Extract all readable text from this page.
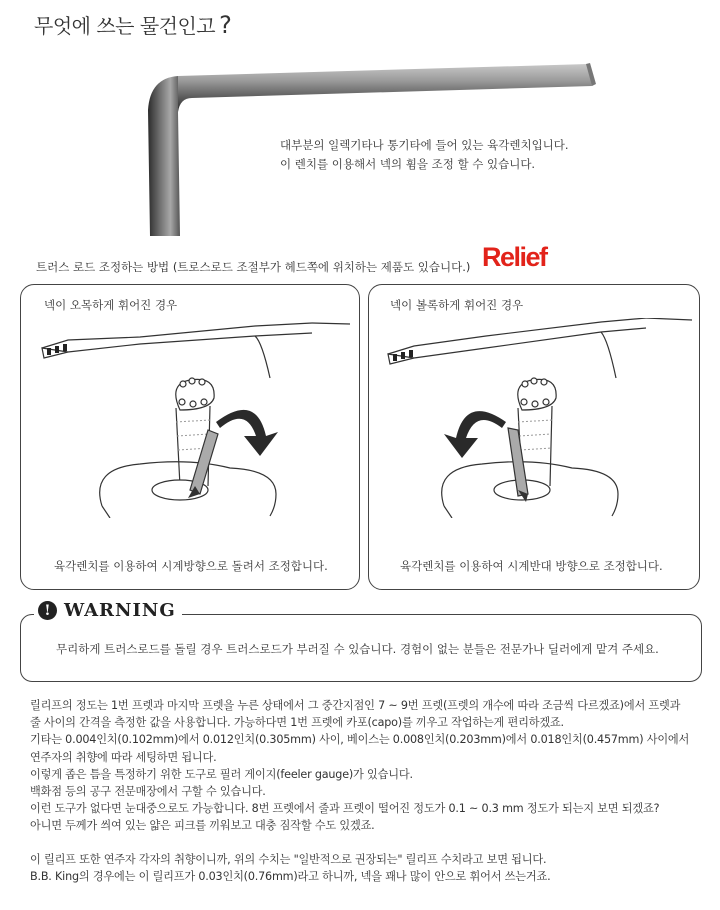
무엇에 쓰는 물건인고 ?
대부분의 일렉기타나 통기타에 들어 있는 육각렌치입니다.
이 렌치를 이용해서 넥의 휨을 조정 할 수 있습니다.
트러스 로드 조정하는 방법 (트로스로드 조절부가 헤드쪽에 위치하는 제품도 있습니다.) Relief
넥이 오목하게 휘어진 경우
육각렌치를 이용하여 시계방향으로 돌려서 조정합니다.
넥이 볼록하게 휘어진 경우
육각렌치를 이용하여 시계반대 방향으로 조정합니다.
! WARNING
무리하게 트러스로드를 돌릴 경우 트러스로드가 부러질 수 있습니다. 경험이 없는 분들은 전문가나 딜러에게 맡겨 주세요.
릴리프의 정도는 1번 프렛과 마지막 프렛을 누른 상태에서 그 중간지점인 7 ~ 9번 프렛(프렛의 개수에 따라 조금씩 다르겠죠)에서 프렛과
줄 사이의 간격을 측정한 값을 사용합니다. 가능하다면 1번 프렛에 카포(capo)를 끼우고 작업하는게 편리하겠죠.
기타는 0.004인치(0.102mm)에서 0.012인치(0.305mm) 사이, 베이스는 0.008인치(0.203mm)에서 0.018인치(0.457mm) 사이에서
연주자의 취향에 따라 세팅하면 됩니다.
이렇게 좁은 틈을 특정하기 위한 도구로 필러 게이지(feeler gauge)가 있습니다.
백화점 등의 공구 전문매장에서 구할 수 있습니다.
이런 도구가 없다면 눈대중으로도 가능합니다. 8번 프렛에서 줄과 프렛이 떨어진 정도가 0.1 ~ 0.3 mm 정도가 되는지 보면 되겠죠?
아니면 두께가 씌여 있는 얇은 피크를 끼워보고 대충 짐작할 수도 있겠죠.
이 릴리프 또한 연주자 각자의 취향이니까, 위의 수치는 "일반적으로 권장되는" 릴리프 수치라고 보면 됩니다.
B.B. King의 경우에는 이 릴리프가 0.03인치(0.76mm)라고 하니까, 넥을 꽤나 많이 안으로 휘어서 쓰는거죠.
